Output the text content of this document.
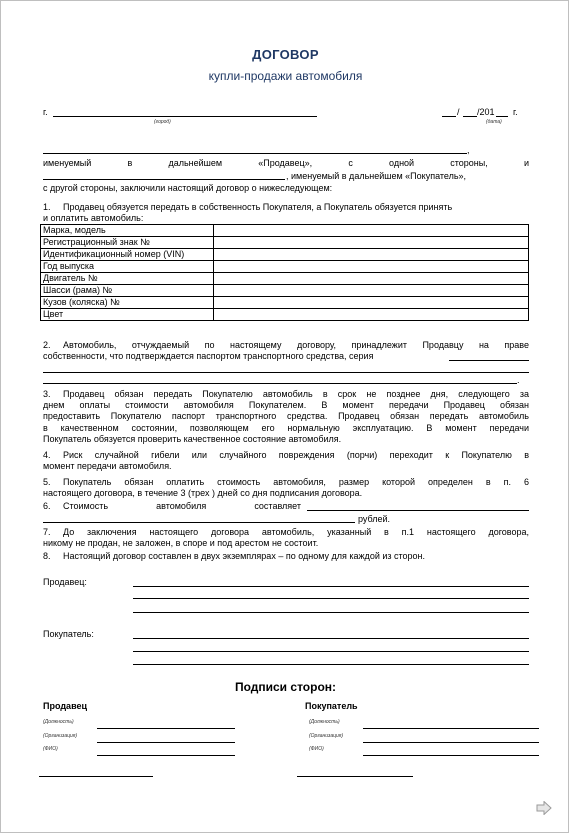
ДОГОВОР
купли-продажи автомобиля
г.
(город)
/ /201 г.
(дата)
,
именуемый	в	дальнейшем	«Продавец»,	с	одной	стороны,	и
, именуемый в дальнейшем «Покупатель»,
с другой стороны, заключили настоящий договор о нижеследующем:
1. Продавец обязуется передать в собственность Покупателя, а Покупатель обязуется принять
и оплатить автомобиль:
Марка, модель	
Регистрационный знак №	
Идентификационный номер (VIN)	
Год выпуска	
Двигатель №	
Шасси (рама) №	
Кузов (коляска) №	
Цвет	
2. Автомобиль, отчуждаемый по настоящему договору, принадлежит Продавцу на праве
собственности, что подтверждается паспортом транспортного средства, серия
.
3. Продавец обязан передать Покупателю автомобиль в срок не позднее дня, следующего за
днем оплаты стоимости автомобиля Покупателем. В момент передачи Продавец обязан
предоставить Покупателю паспорт транспортного средства. Продавец обязан передать автомобиль
в качественном состоянии, позволяющем его нормальную эксплуатацию. В момент передачи
Покупатель обязуется проверить качественное состояние автомобиля.
4. Риск случайной гибели или случайного повреждения (порчи) переходит к Покупателю в
момент передачи автомобиля.
5. Покупатель обязан оплатить стоимость автомобиля, размер которой определен в п. 6
настоящего договора, в течение 3 (трех ) дней со дня подписания договора.
6. Стоимость	автомобиля	составляет
рублей.
7. До заключения настоящего договора автомобиль, указанный в п.1 настоящего договора,
никому не продан, не заложен, в споре и под арестом не состоит.
8. Настоящий договор составлен в двух экземплярах – по одному для каждой из сторон.
Продавец:
Покупатель:
Подписи сторон:
Продавец
(Должность)
(Организация)
(ФИО)
Покупатель
(Должность)
(Организация)
(ФИО)
